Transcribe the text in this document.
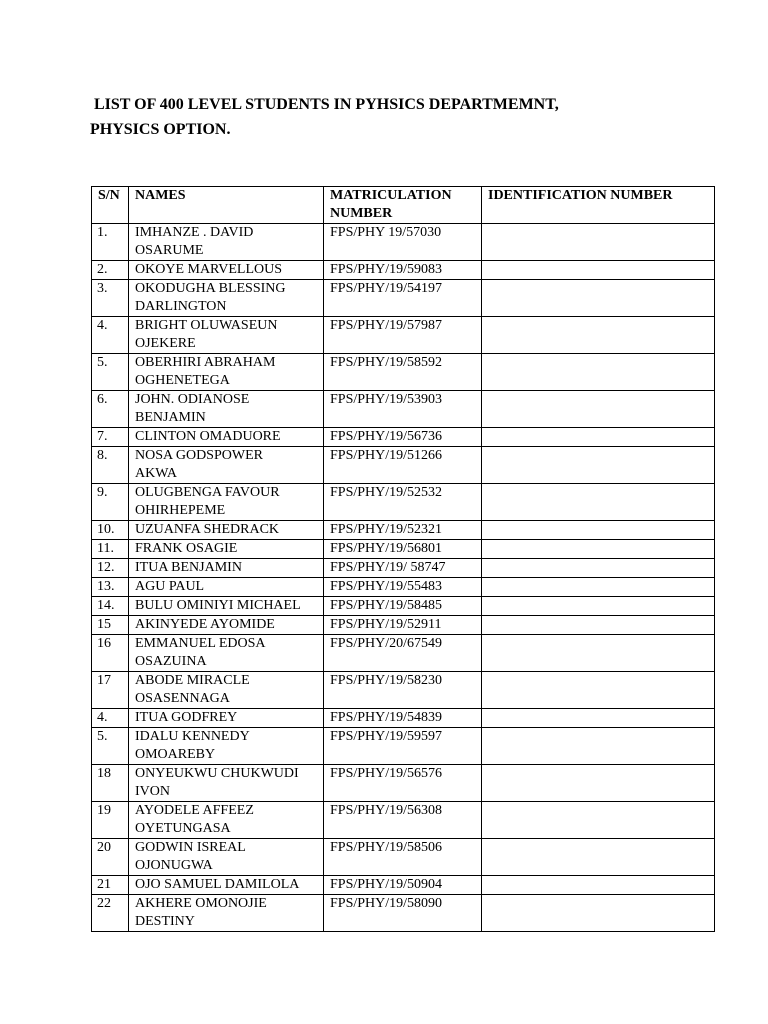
LIST OF 400 LEVEL STUDENTS IN PYHSICS DEPARTMEMNT,
PHYSICS OPTION.
S/N	NAMES	MATRICULATION
NUMBER	IDENTIFICATION NUMBER
1.	IMHANZE . DAVID
OSARUME	FPS/PHY 19/57030	
2.	OKOYE MARVELLOUS	FPS/PHY/19/59083	
3.	OKODUGHA BLESSING
DARLINGTON	FPS/PHY/19/54197	
4.	BRIGHT OLUWASEUN
OJEKERE	FPS/PHY/19/57987	
5.	OBERHIRI ABRAHAM
OGHENETEGA	FPS/PHY/19/58592	
6.	JOHN. ODIANOSE
BENJAMIN	FPS/PHY/19/53903	
7.	CLINTON OMADUORE	FPS/PHY/19/56736	
8.	NOSA GODSPOWER
AKWA	FPS/PHY/19/51266	
9.	OLUGBENGA FAVOUR
OHIRHEPEME	FPS/PHY/19/52532	
10.	UZUANFA SHEDRACK	FPS/PHY/19/52321	
11.	FRANK OSAGIE	FPS/PHY/19/56801	
12.	ITUA BENJAMIN	FPS/PHY/19/ 58747	
13.	AGU PAUL	FPS/PHY/19/55483	
14.	BULU OMINIYI MICHAEL	FPS/PHY/19/58485	
15	AKINYEDE AYOMIDE	FPS/PHY/19/52911	
16	EMMANUEL EDOSA
OSAZUINA	FPS/PHY/20/67549	
17	ABODE MIRACLE
OSASENNAGA	FPS/PHY/19/58230	
4.	ITUA GODFREY	FPS/PHY/19/54839	
5.	IDALU KENNEDY
OMOAREBY	FPS/PHY/19/59597	
18	ONYEUKWU CHUKWUDI
IVON	FPS/PHY/19/56576	
19	AYODELE AFFEEZ
OYETUNGASA	FPS/PHY/19/56308	
20	GODWIN ISREAL
OJONUGWA	FPS/PHY/19/58506	
21	OJO SAMUEL DAMILOLA	FPS/PHY/19/50904	
22	AKHERE OMONOJIE
DESTINY	FPS/PHY/19/58090	
